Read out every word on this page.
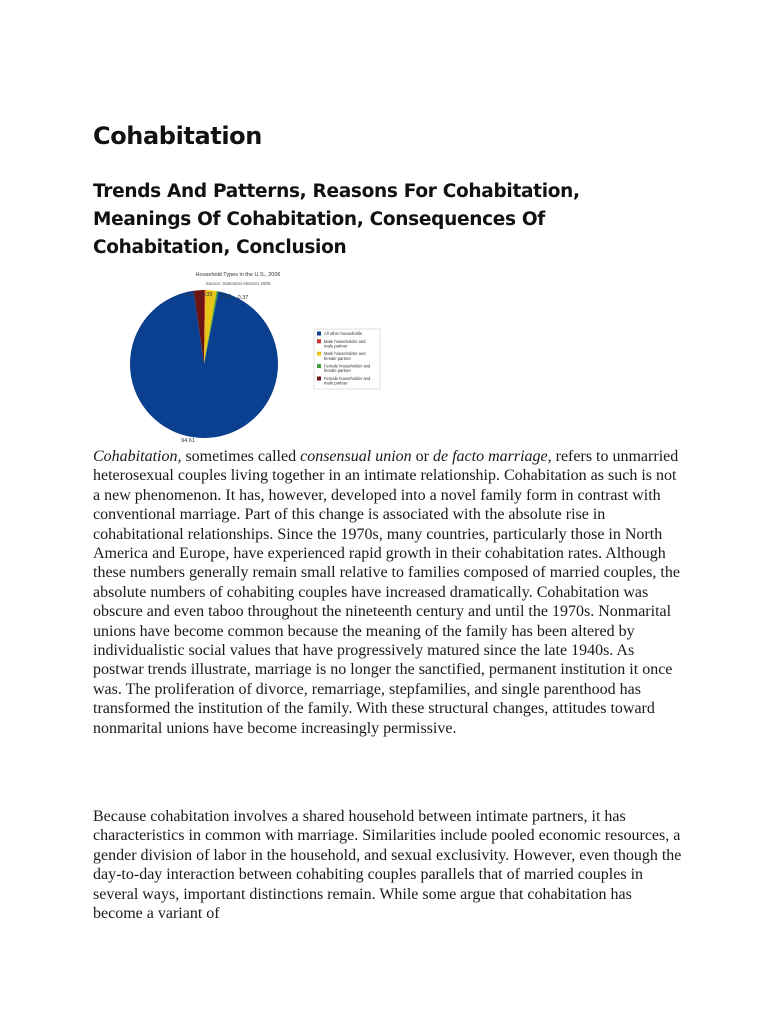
Cohabitation
Trends And Patterns, Reasons For Cohabitation, Meanings Of Cohabitation, Consequences Of Cohabitation, Conclusion
Household Types in the U.S., 2006
Source: Statistical Abstract 2006
94.61
0.33 2.42 0.37
2.27
All other households
Male householder and male partner
Male householder and female partner
Female householder and female partner
Female householder and male partner

Cohabitation, sometimes called consensual union or de facto marriage, refers to unmarried heterosexual couples living together in an intimate relationship. Cohabitation as such is not a new phenomenon. It has, however, developed into a novel family form in contrast with conventional marriage. Part of this change is associated with the absolute rise in cohabitational relationships. Since the 1970s, many countries, particularly those in North America and Europe, have experienced rapid growth in their cohabitation rates. Although these numbers generally remain small relative to families composed of married couples, the absolute numbers of cohabiting couples have increased dramatically. Cohabitation was obscure and even taboo throughout the nineteenth century and until the 1970s. Nonmarital unions have become common because the meaning of the family has been altered by individualistic social values that have progressively matured since the late 1940s. As postwar trends illustrate, marriage is no longer the sanctified, permanent institution it once was. The proliferation of divorce, remarriage, stepfamilies, and single parenthood has transformed the institution of the family. With these structural changes, attitudes toward nonmarital unions have become increasingly permissive.

Because cohabitation involves a shared household between intimate partners, it has characteristics in common with marriage. Similarities include pooled economic resources, a gender division of labor in the household, and sexual exclusivity. However, even though the day-to-day interaction between cohabiting couples parallels that of married couples in several ways, important distinctions remain. While some argue that cohabitation has become a variant of
